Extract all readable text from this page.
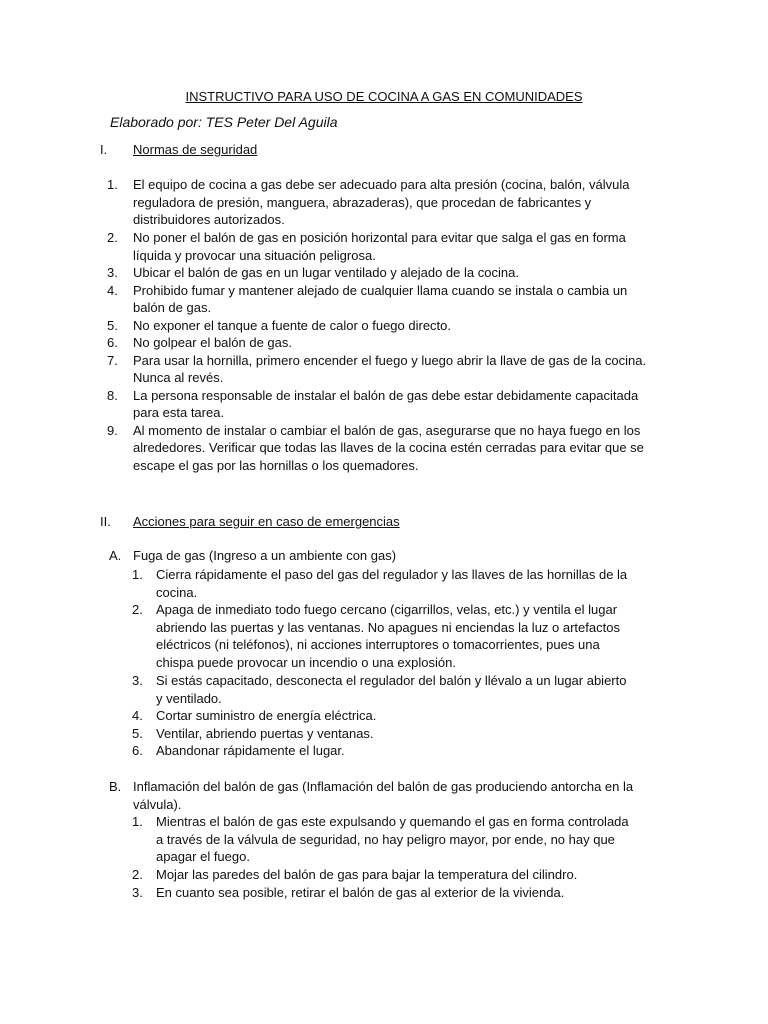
INSTRUCTIVO PARA USO DE COCINA A GAS EN COMUNIDADES
Elaborado por: TES Peter Del Aguila
I. Normas de seguridad
1. El equipo de cocina a gas debe ser adecuado para alta presión (cocina, balón, válvula reguladora de presión, manguera, abrazaderas), que procedan de fabricantes y distribuidores autorizados.
2. No poner el balón de gas en posición horizontal para evitar que salga el gas en forma líquida y provocar una situación peligrosa.
3. Ubicar el balón de gas en un lugar ventilado y alejado de la cocina.
4. Prohibido fumar y mantener alejado de cualquier llama cuando se instala o cambia un balón de gas.
5. No exponer el tanque a fuente de calor o fuego directo.
6. No golpear el balón de gas.
7. Para usar la hornilla, primero encender el fuego y luego abrir la llave de gas de la cocina. Nunca al revés.
8. La persona responsable de instalar el balón de gas debe estar debidamente capacitada para esta tarea.
9. Al momento de instalar o cambiar el balón de gas, asegurarse que no haya fuego en los alrededores. Verificar que todas las llaves de la cocina estén cerradas para evitar que se escape el gas por las hornillas o los quemadores.
II. Acciones para seguir en caso de emergencias
A. Fuga de gas (Ingreso a un ambiente con gas)
1. Cierra rápidamente el paso del gas del regulador y las llaves de las hornillas de la cocina.
2. Apaga de inmediato todo fuego cercano (cigarrillos, velas, etc.) y ventila el lugar abriendo las puertas y las ventanas. No apagues ni enciendas la luz o artefactos eléctricos (ni teléfonos), ni acciones interruptores o tomacorrientes, pues una chispa puede provocar un incendio o una explosión.
3. Si estás capacitado, desconecta el regulador del balón y llévalo a un lugar abierto y ventilado.
4. Cortar suministro de energía eléctrica.
5. Ventilar, abriendo puertas y ventanas.
6. Abandonar rápidamente el lugar.
B. Inflamación del balón de gas (Inflamación del balón de gas produciendo antorcha en la válvula).
1. Mientras el balón de gas este expulsando y quemando el gas en forma controlada a través de la válvula de seguridad, no hay peligro mayor, por ende, no hay que apagar el fuego.
2. Mojar las paredes del balón de gas para bajar la temperatura del cilindro.
3. En cuanto sea posible, retirar el balón de gas al exterior de la vivienda.
